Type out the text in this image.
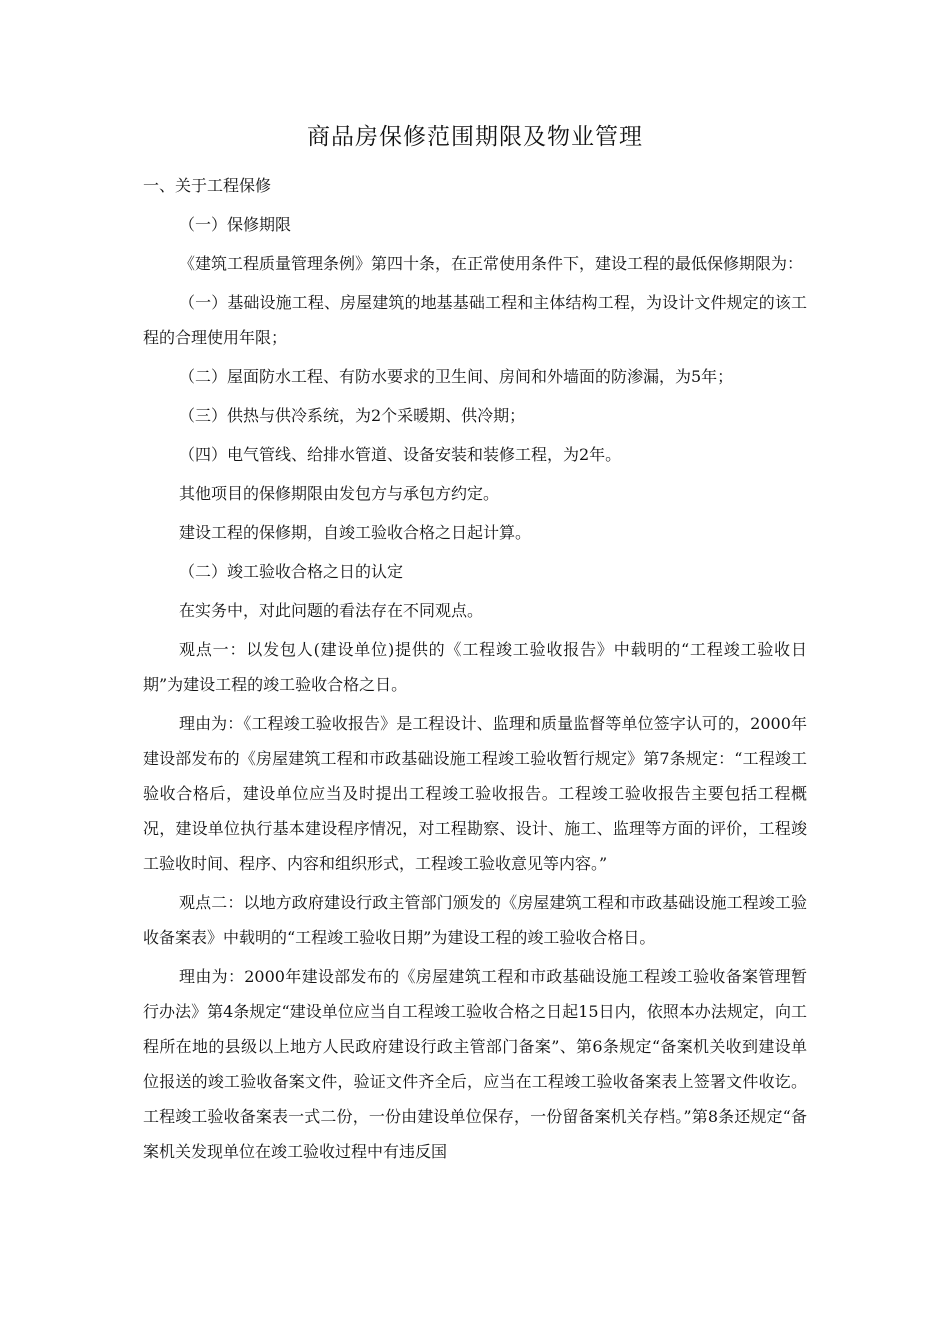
商品房保修范围期限及物业管理

一、关于工程保修

（一）保修期限

《建筑工程质量管理条例》第四十条，在正常使用条件下，建设工程的最低保修期限为：

（一）基础设施工程、房屋建筑的地基基础工程和主体结构工程，为设计文件规定的该工程的合理使用年限；

（二）屋面防水工程、有防水要求的卫生间、房间和外墙面的防渗漏，为5年；

（三）供热与供冷系统，为2个采暖期、供冷期；

（四）电气管线、给排水管道、设备安装和装修工程，为2年。

其他项目的保修期限由发包方与承包方约定。

建设工程的保修期，自竣工验收合格之日起计算。

（二）竣工验收合格之日的认定

在实务中，对此问题的看法存在不同观点。

观点一：以发包人(建设单位)提供的《工程竣工验收报告》中载明的“工程竣工验收日期”为建设工程的竣工验收合格之日。

理由为：《工程竣工验收报告》是工程设计、监理和质量监督等单位签字认可的，2000年建设部发布的《房屋建筑工程和市政基础设施工程竣工验收暂行规定》第7条规定：“工程竣工验收合格后，建设单位应当及时提出工程竣工验收报告。工程竣工验收报告主要包括工程概况，建设单位执行基本建设程序情况，对工程勘察、设计、施工、监理等方面的评价，工程竣工验收时间、程序、内容和组织形式，工程竣工验收意见等内容。”

观点二：以地方政府建设行政主管部门颁发的《房屋建筑工程和市政基础设施工程竣工验收备案表》中载明的“工程竣工验收日期”为建设工程的竣工验收合格日。

理由为：2000年建设部发布的《房屋建筑工程和市政基础设施工程竣工验收备案管理暂行办法》第4条规定“建设单位应当自工程竣工验收合格之日起15日内，依照本办法规定，向工程所在地的县级以上地方人民政府建设行政主管部门备案”、第6条规定“备案机关收到建设单位报送的竣工验收备案文件，验证文件齐全后，应当在工程竣工验收备案表上签署文件收讫。工程竣工验收备案表一式二份，一份由建设单位保存，一份留备案机关存档。”第8条还规定“备案机关发现单位在竣工验收过程中有违反国
